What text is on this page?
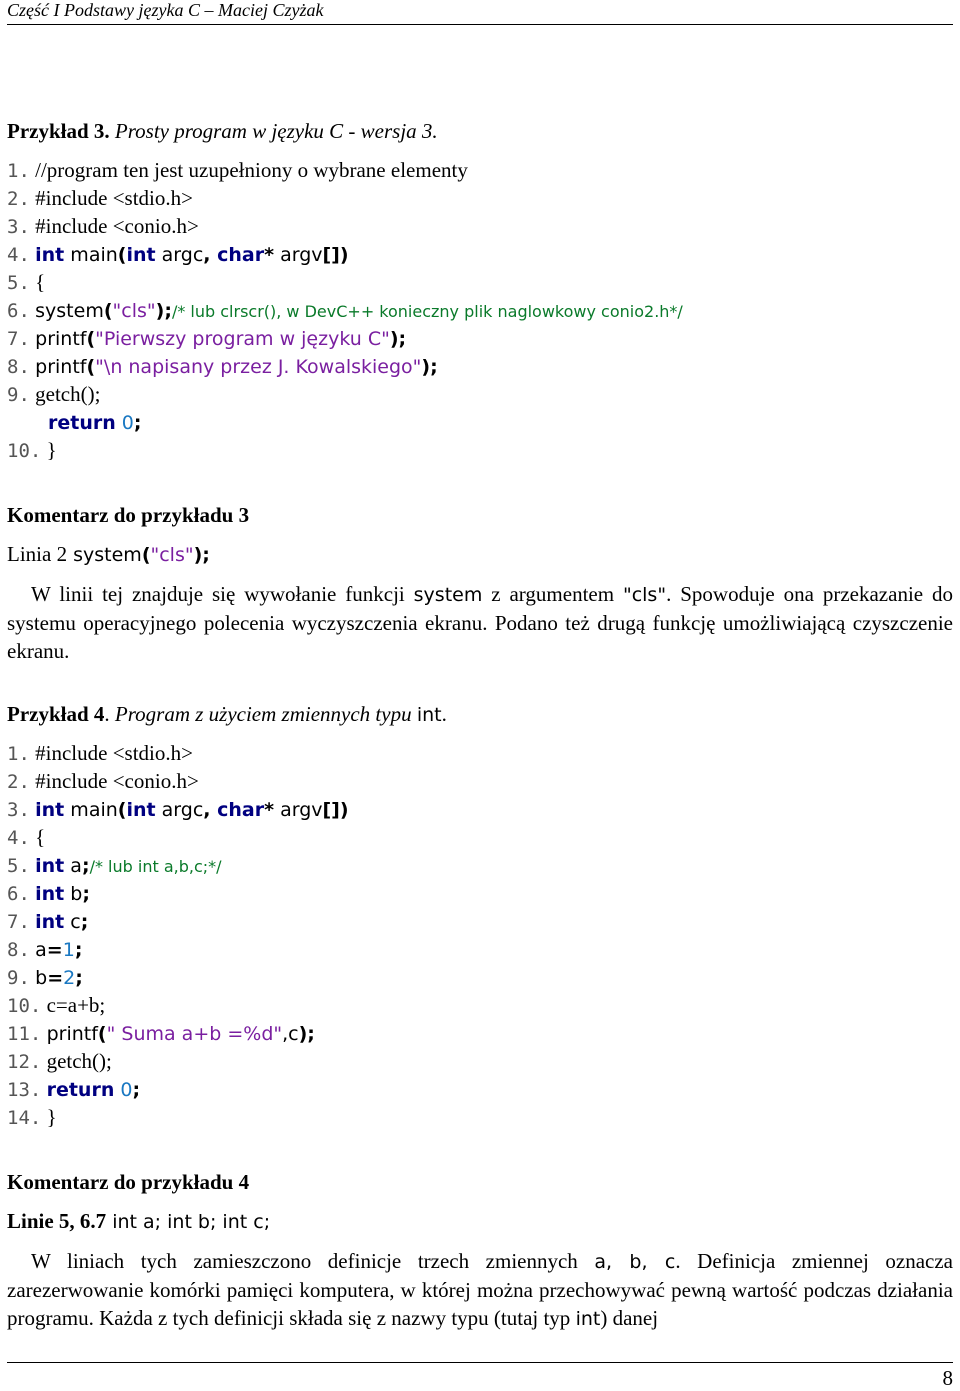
Część I Podstawy języka C – Maciej Czyżak
Przykład 3. Prosty program w języku C - wersja 3.
1. //program ten jest uzupełniony o wybrane elementy
2. #include <stdio.h>
3. #include <conio.h>
4. int main(int argc, char* argv[])
5. {
6. system("cls");/* lub clrscr(), w DevC++ konieczny plik naglowkowy conio2.h*/
7. printf("Pierwszy program w języku C");
8. printf("\n napisany przez J. Kowalskiego");
9. getch();
return 0;
10. }
Komentarz do przykładu 3
Linia 2 system("cls");
W linii tej znajduje się wywołanie funkcji system z argumentem "cls". Spowoduje ona przekazanie do systemu operacyjnego polecenia wyczyszczenia ekranu. Podano też drugą funkcję umożliwiającą czyszczenie ekranu.
Przykład 4. Program z użyciem zmiennych typu int.
1. #include <stdio.h>
2. #include <conio.h>
3. int main(int argc, char* argv[])
4. {
5. int a;/* lub int a,b,c;*/
6. int b;
7. int c;
8. a=1;
9. b=2;
10. c=a+b;
11. printf(" Suma a+b =%d",c);
12. getch();
13. return 0;
14. }
Komentarz do przykładu 4
Linie 5, 6.7 int a; int b; int c;
W liniach tych zamieszczono definicje trzech zmiennych a, b, c. Definicja zmiennej oznacza zarezerwowanie komórki pamięci komputera, w której można przechowywać pewną wartość podczas działania programu. Każda z tych definicji składa się z nazwy typu (tutaj typ int) danej
8
